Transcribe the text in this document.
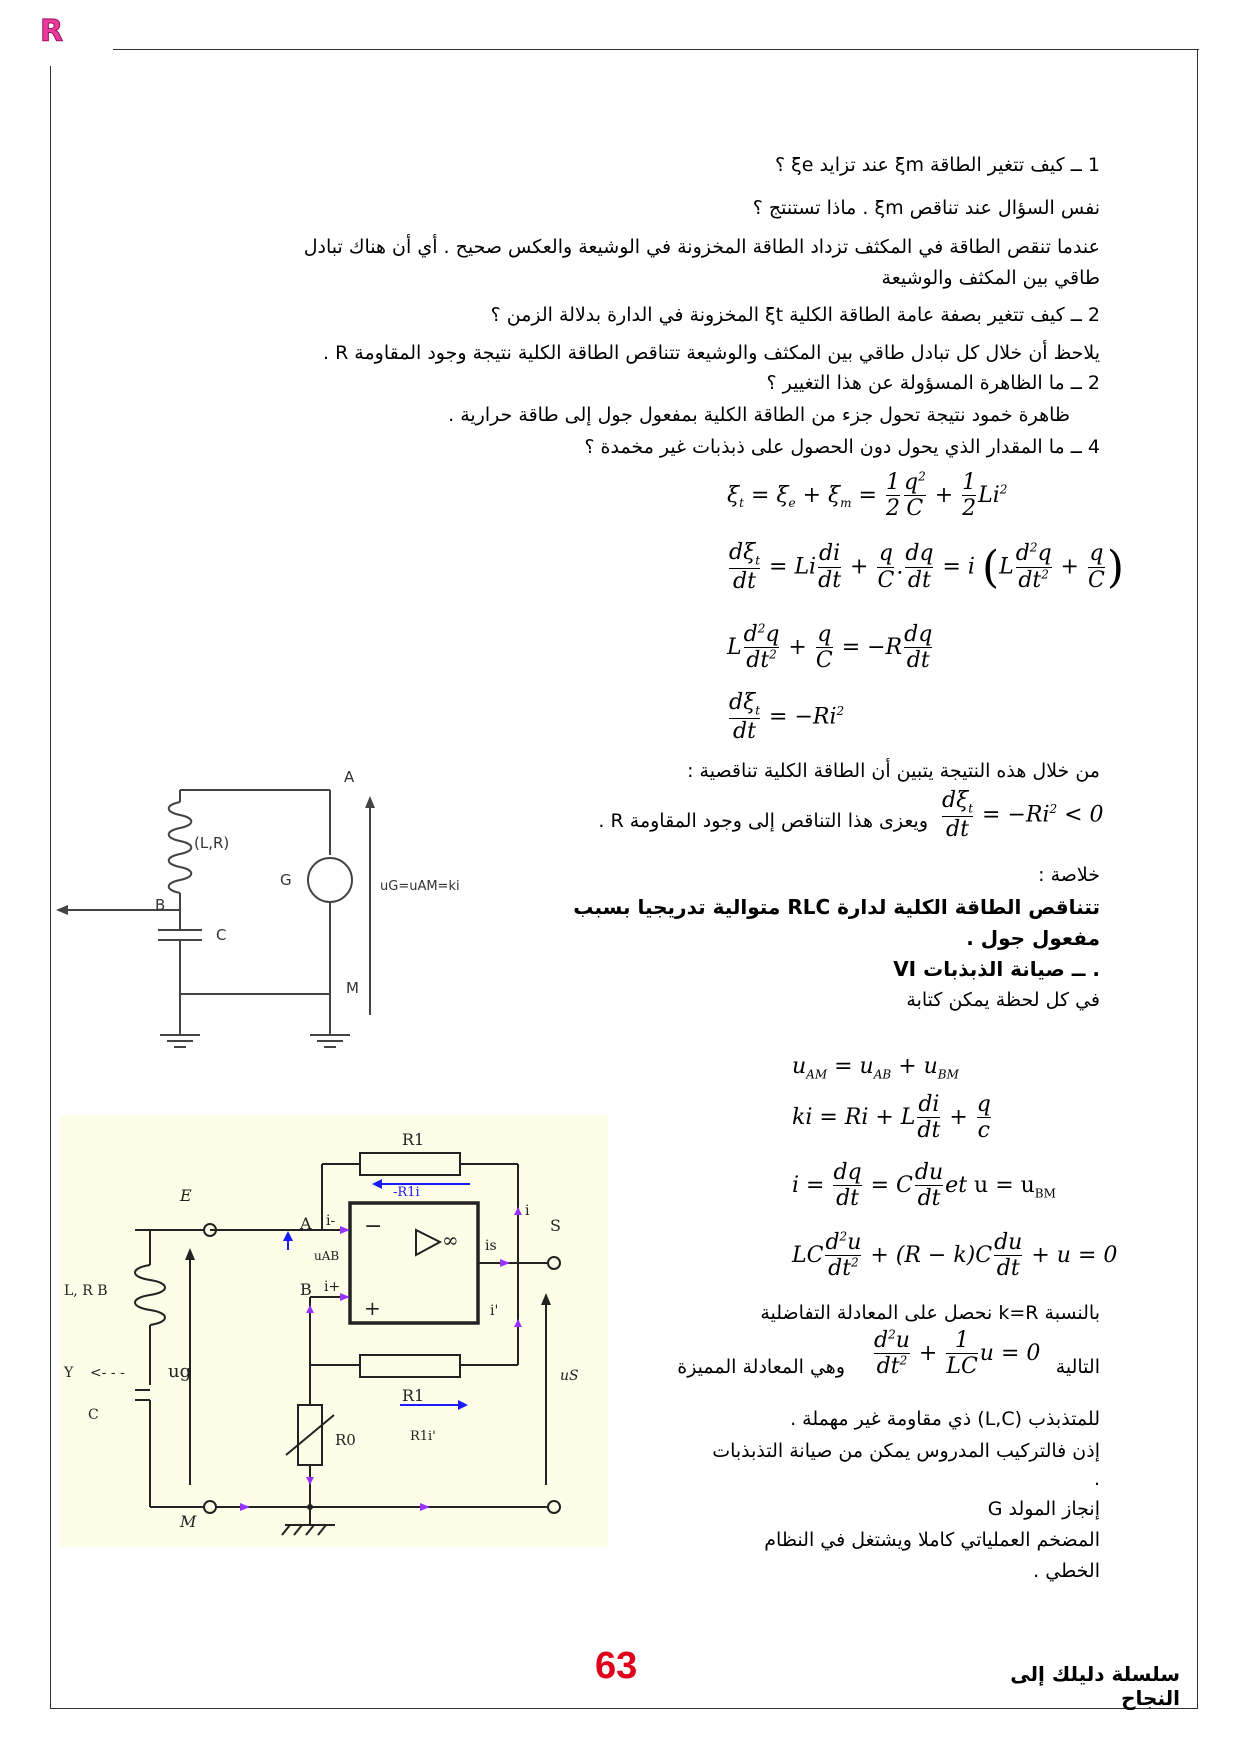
R
1 ــ كيف تتغير الطاقة ξm عند تزايد ξe ؟
نفس السؤال عند تناقص ξm . ماذا تستنتج ؟
عندما تنقص الطاقة في المكثف تزداد الطاقة المخزونة في الوشيعة والعكس صحيح . أي أن هناك تبادل
طاقي بين المكثف والوشيعة
2 ــ كيف تتغير بصفة عامة الطاقة الكلية ξt المخزونة في الدارة بدلالة الزمن ؟
يلاحظ أن خلال كل تبادل طاقي بين المكثف والوشيعة تتناقص الطاقة الكلية نتيجة وجود المقاومة R .
2 ــ ما الظاهرة المسؤولة عن هذا التغيير ؟
ظاهرة خمود نتيجة تحول جزء من الطاقة الكلية بمفعول جول إلى طاقة حرارية .
4 ــ ما المقدار الذي يحول دون الحصول على ذبذبات غير مخمدة ؟
$\xi_t = \xi_e + \xi_m = \frac{1}{2} \frac{q^2}{C} + \frac{1}{2} Li^2$
$\frac{d\xi_t}{dt} = Li \frac{di}{dt} + \frac{q}{C}$ . $\frac{dq}{dt} = i$ ($L \frac{d^2q}{dt^2} + \frac{q}{C}$ )
L $\frac{d^2q}{dt^2} + \frac{q}{C} = -R \frac{dq}{dt}$
$\frac{d\xi_t}{dt} = -Ri^2$
من خلال هذه النتيجة يتبين أن الطاقة الكلية تناقصية :
$\frac{d\xi_t}{dt} = -Ri^2 < 0$
ويعزى هذا التناقص إلى وجود المقاومة R .
خلاصة :
تتناقص الطاقة الكلية لدارة RLC متوالية تدريجيا بسبب
مفعول جول .
VI ــ صيانة الذبذبات .
في كل لحظة يمكن كتابة
$u_{AM} = u_{AB} + u_{BM}$
ki = Ri + L $\frac{di}{dt} + \frac{q}{c}$
$i = \frac{dq}{dt} = C \frac{du}{dt}$ et $u = u_{BM}$
LC $\frac{d^2u}{dt^2} + (R - k)C \frac{du}{dt} + u = 0$
بالنسبة k=R نحصل على المعادلة التفاضلية
التالية
$\frac{d^2u}{dt^2} + \frac{1}{LC}$ u = 0
وهي المعادلة المميزة
للمتذبذب (L,C) ذي مقاومة غير مهملة .
إذن فالتركيب المدروس يمكن من صيانة التذبذبات
.
إنجاز المولد G
المضخم العملياتي كاملا ويشتغل في النظام
الخطي .
A
(L,R)
B
G
C
M
uG=uAM=ki
R1
-R1i
A i-
uAB
B i+
E
L, R B
Y <- - -
C
M
ug
S
i
is
i'
uS
R1
R0	R1i'
−
+
∞
63	سلسلة دليلك إلى النجاح
